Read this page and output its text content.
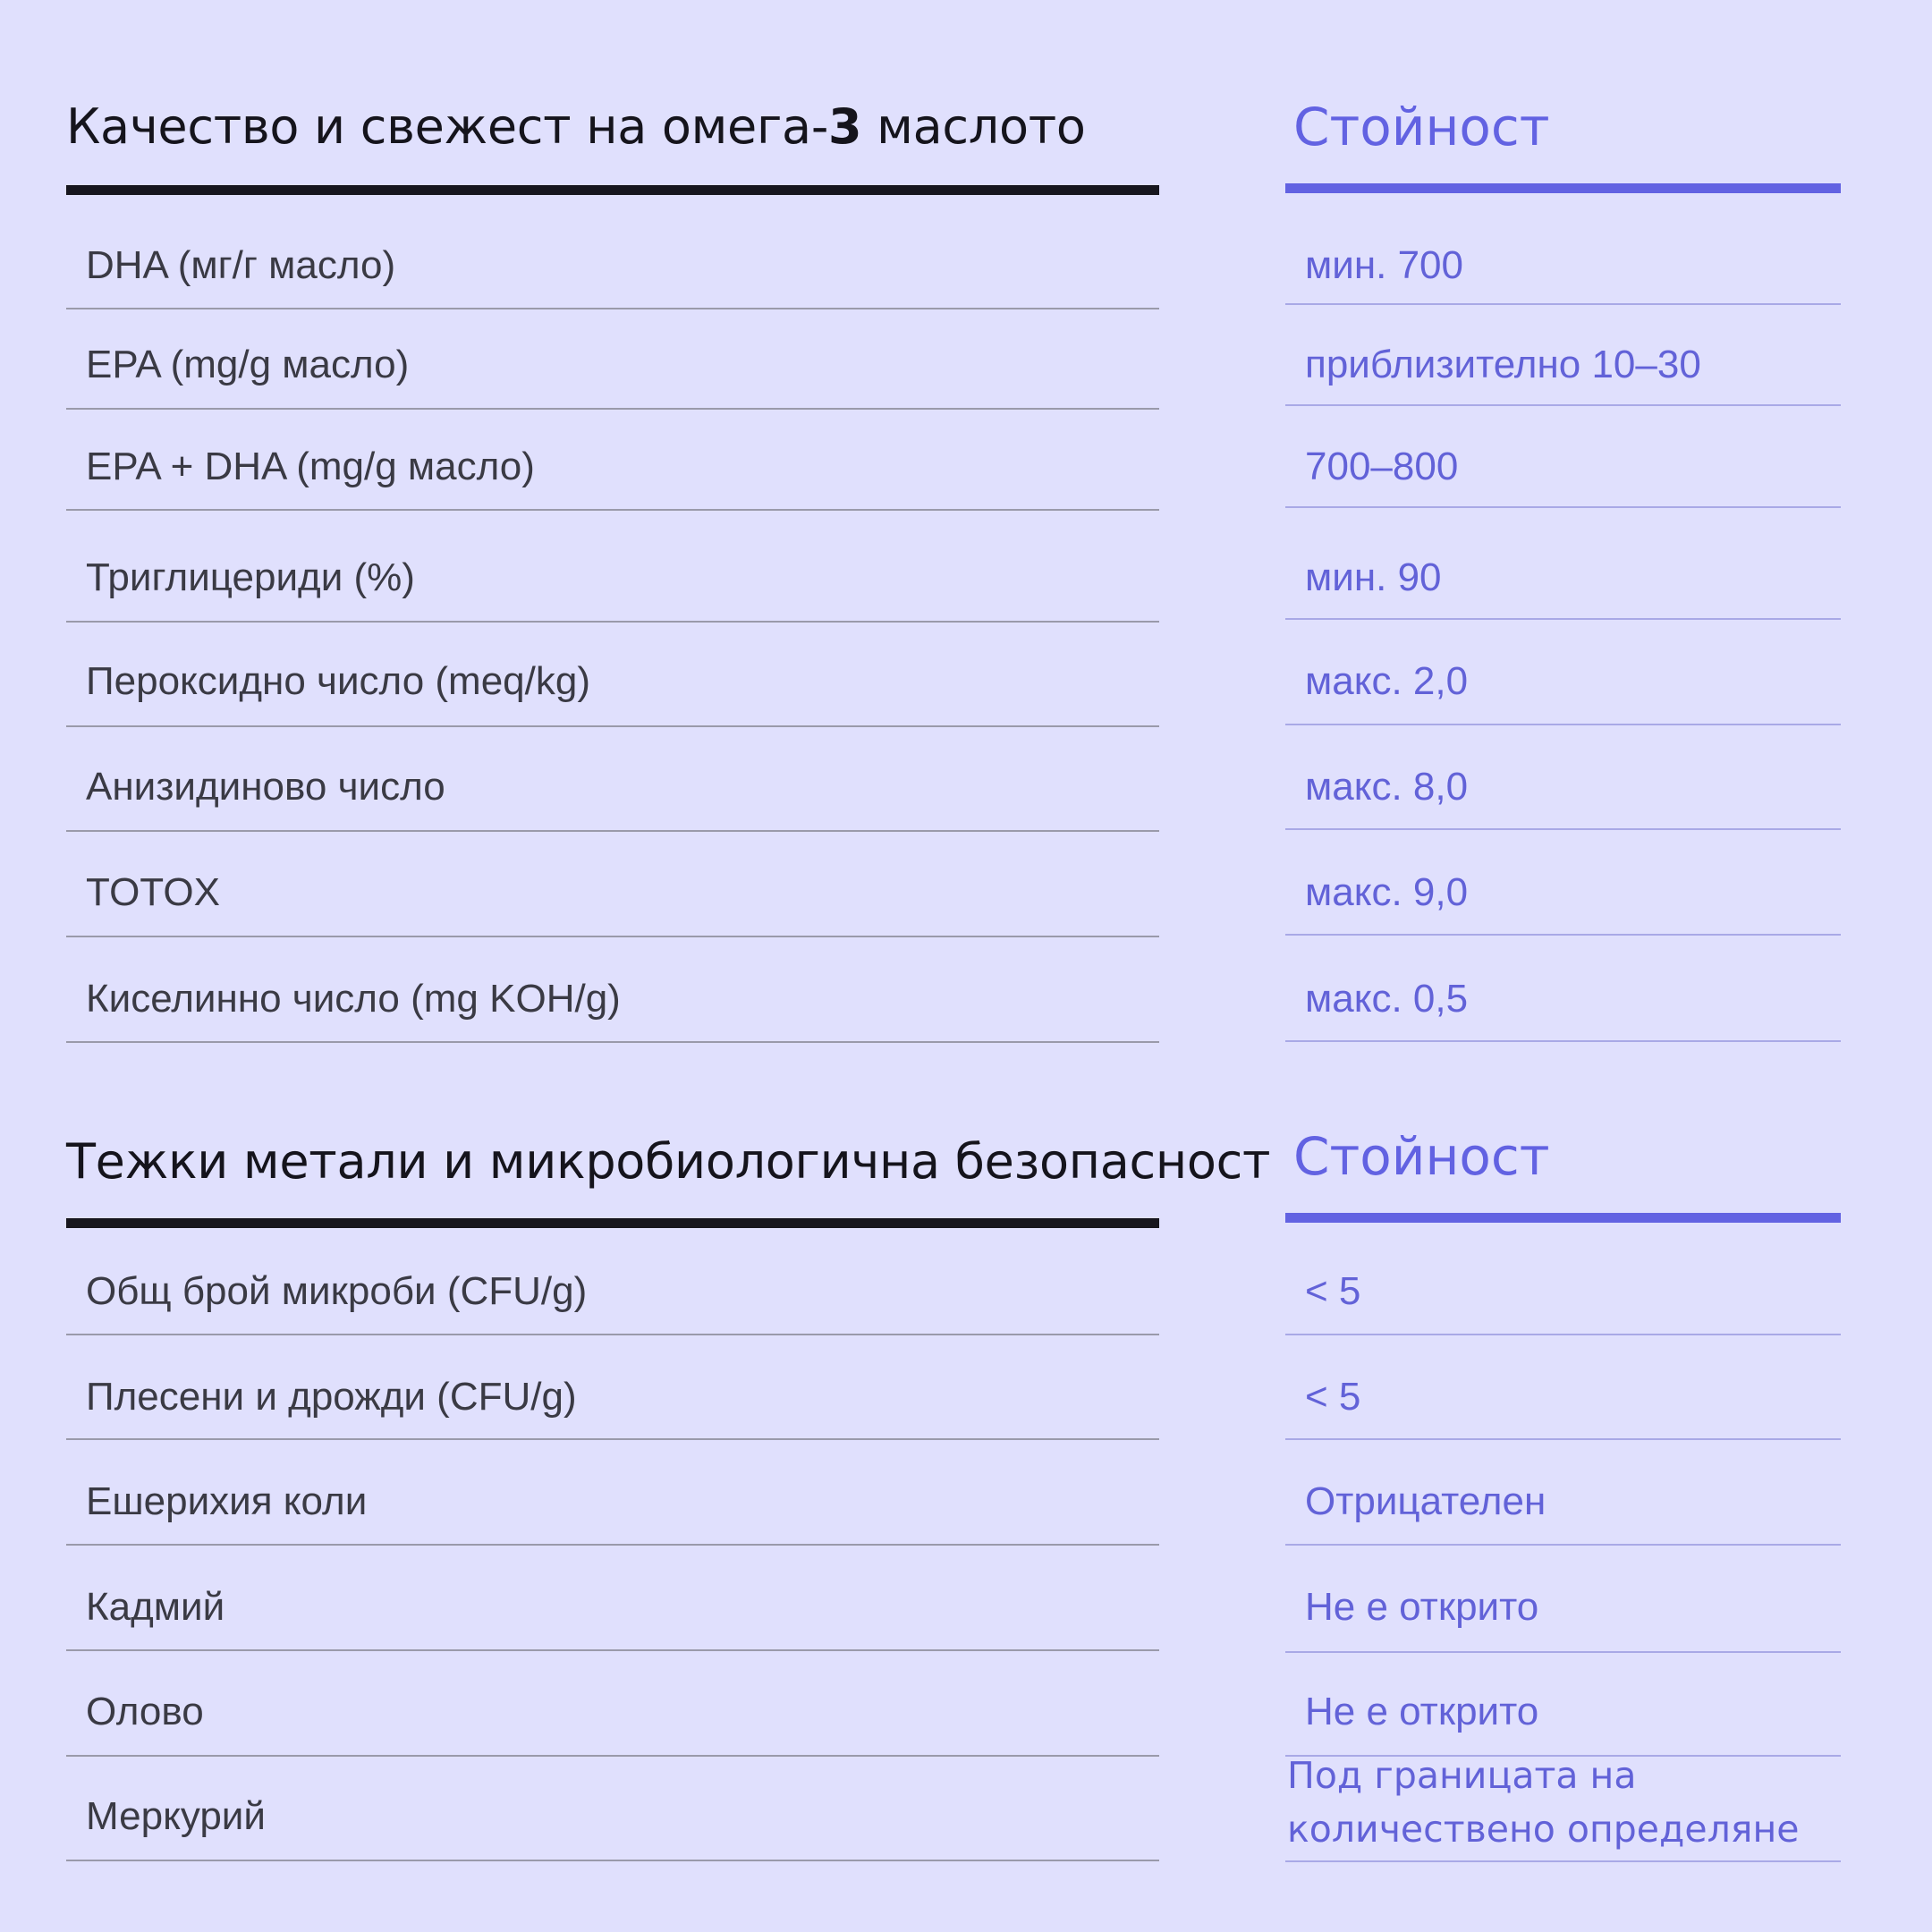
Качество и свежест на омега-3 маслото
DHA (мг/г масло)
EPA (mg/g масло)
EPA + DHA (mg/g масло)
Триглицериди (%)
Пероксидно число (meq/kg)
Анизидиново число
TOTOX
Киселинно число (mg KOH/g)
Стойност
мин. 700
приблизително 10–30
700–800
мин. 90
макс. 2,0
макс. 8,0
макс. 9,0
макс. 0,5
Тежки метали и микробиологична безопасност
Общ брой микроби (CFU/g)
Плесени и дрожди (CFU/g)
Ешерихия коли
Кадмий
Олово
Меркурий
Стойност
< 5
< 5
Отрицателен
Не е открито
Не е открито
Под границата на количествено определяне
